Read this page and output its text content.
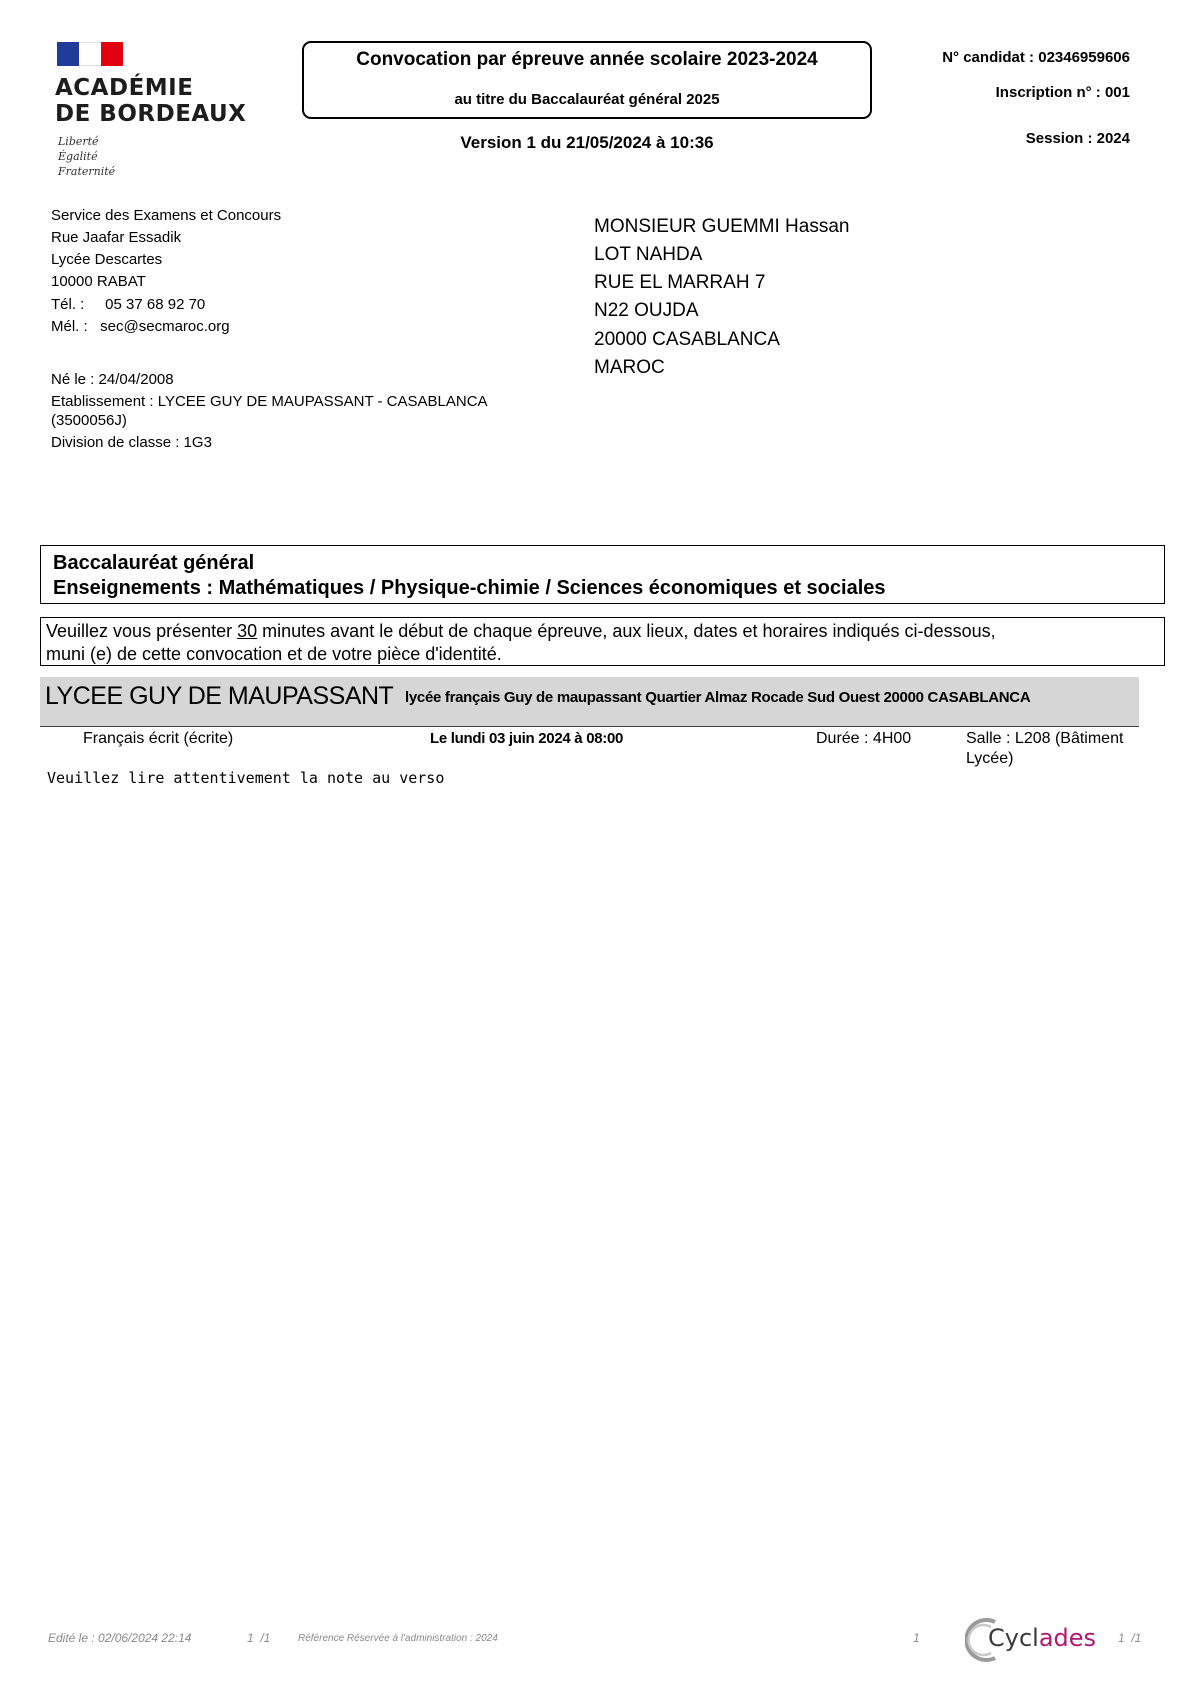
ACADÉMIE
DE BORDEAUX
Liberté
Égalité
Fraternité
Convocation par épreuve année scolaire 2023-2024
au titre du Baccalauréat général 2025
Version 1 du 21/05/2024 à 10:36
N° candidat : 02346959606
Inscription n° : 001
Session : 2024
Service des Examens et Concours
Rue Jaafar Essadik
Lycée Descartes
10000 RABAT
Tél. :     05 37 68 92 70
Mél. :   sec@secmaroc.org
MONSIEUR GUEMMI Hassan
LOT NAHDA
RUE EL MARRAH 7
N22 OUJDA
20000 CASABLANCA
MAROC
Né le : 24/04/2008
Etablissement : LYCEE GUY DE MAUPASSANT - CASABLANCA
(3500056J)
Division de classe : 1G3
Baccalauréat général
Enseignements : Mathématiques / Physique-chimie / Sciences économiques et sociales
Veuillez vous présenter 30 minutes avant le début de chaque épreuve, aux lieux, dates et horaires indiqués ci-dessous,
muni (e) de cette convocation et de votre pièce d'identité.
LYCEE GUY DE MAUPASSANT lycée français Guy de maupassant Quartier Almaz Rocade Sud Ouest 20000 CASABLANCA
Français écrit (écrite)	Le lundi 03 juin 2024 à 08:00	Durée : 4H00	Salle : L208 (Bâtiment
Lycée)
Veuillez lire attentivement la note au verso
Edité le : 02/06/2024 22:14	1  /1	Référence Réservée à l'administration : 2024	1	Cyclades 1  /1
